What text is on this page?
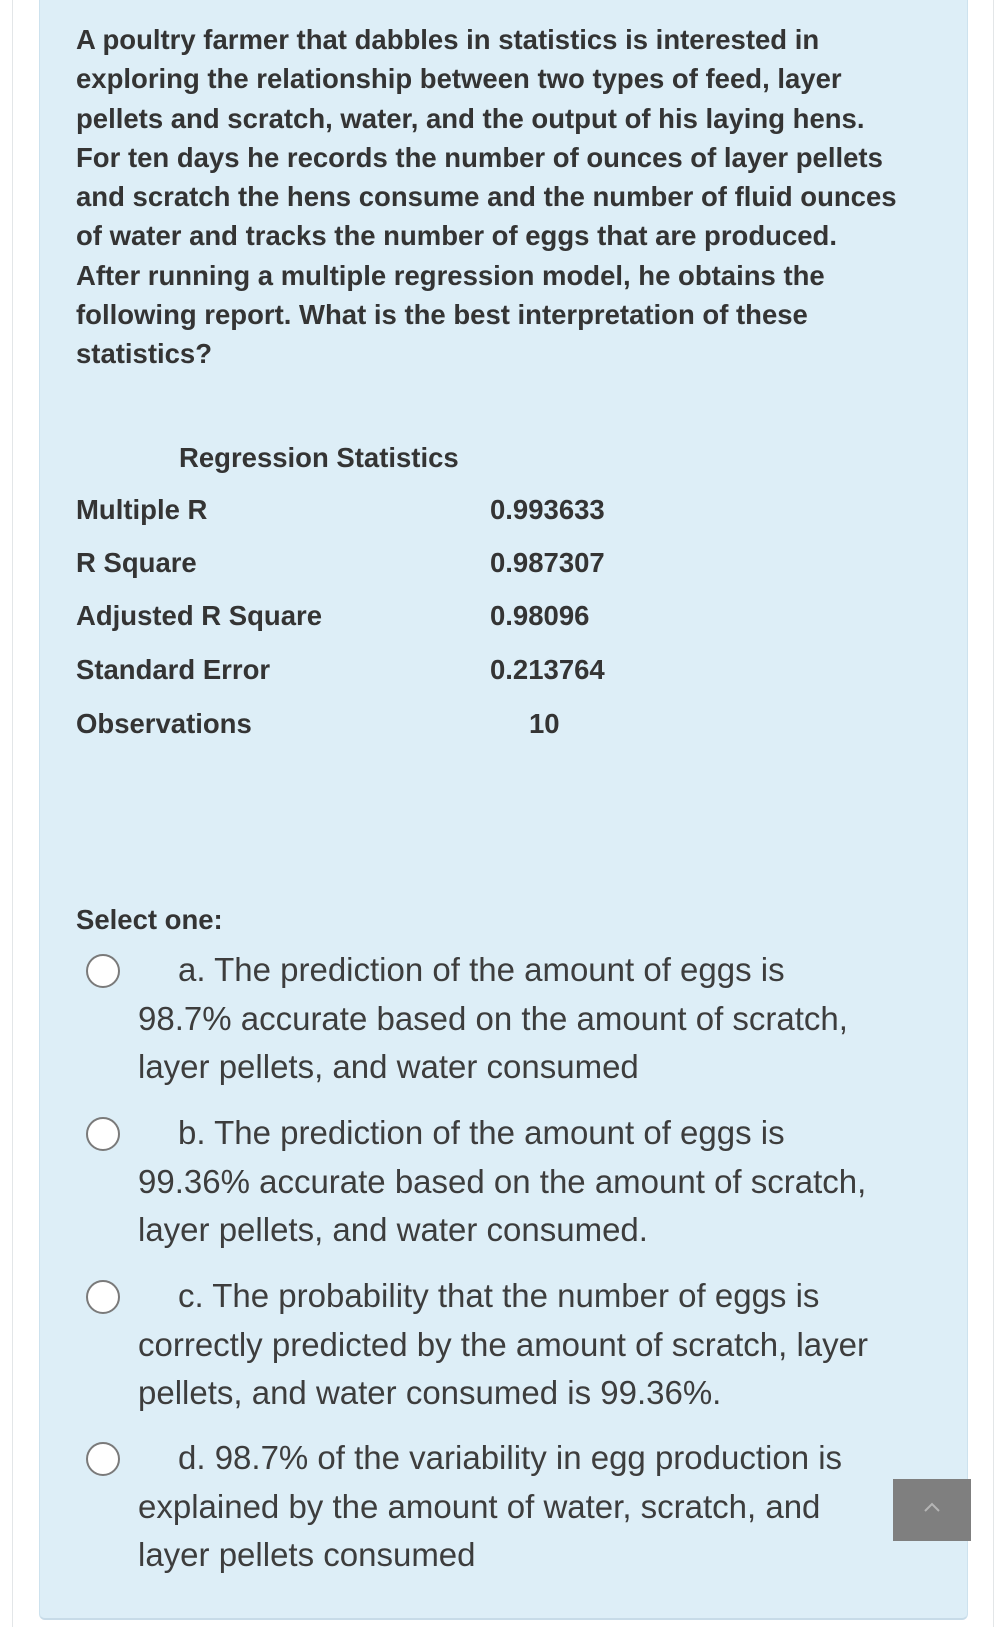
A poultry farmer that dabbles in statistics is interested in exploring the relationship between two types of feed, layer pellets and scratch, water, and the output of his laying hens. For ten days he records the number of ounces of layer pellets and scratch the hens consume and the number of fluid ounces of water and tracks the number of eggs that are produced. After running a multiple regression model, he obtains the following report. What is the best interpretation of these statistics?
Regression Statistics
Multiple R	0.993633
R Square	0.987307
Adjusted R Square	0.98096
Standard Error	0.213764
Observations	10
Select one:
a. The prediction of the amount of eggs is 98.7% accurate based on the amount of scratch, layer pellets, and water consumed
b. The prediction of the amount of eggs is 99.36% accurate based on the amount of scratch, layer pellets, and water consumed.
c. The probability that the number of eggs is correctly predicted by the amount of scratch, layer pellets, and water consumed is 99.36%.
d. 98.7% of the variability in egg production is explained by the amount of water, scratch, and layer pellets consumed
